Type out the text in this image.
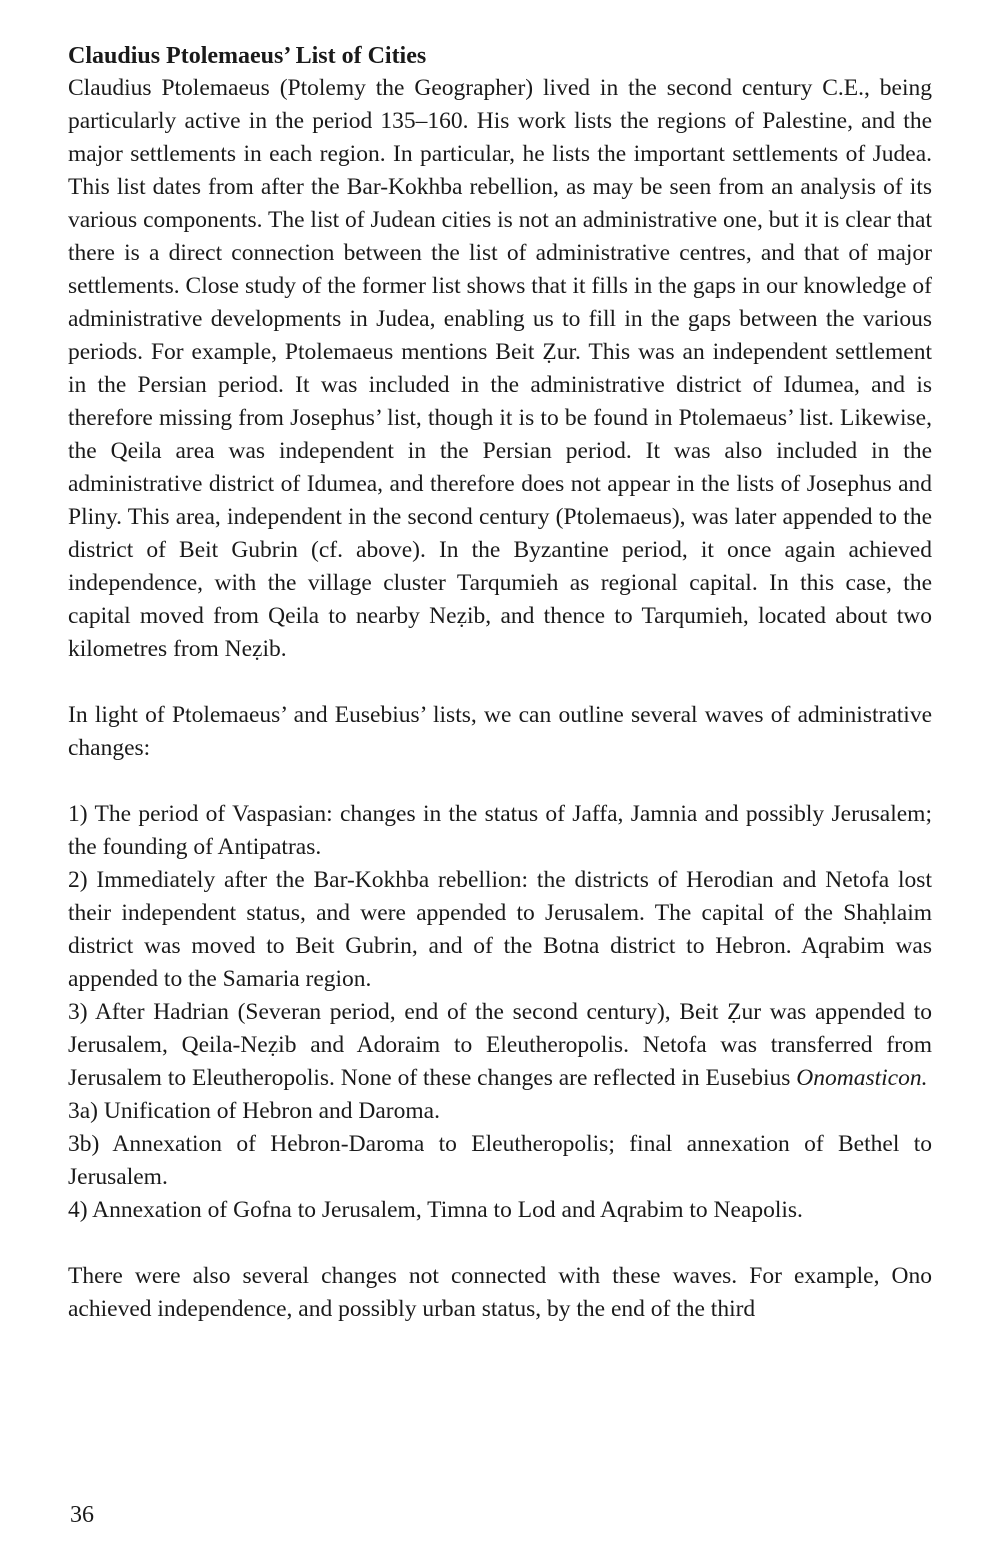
Claudius Ptolemaeus’ List of Cities

Claudius Ptolemaeus (Ptolemy the Geographer) lived in the second century C.E., being particularly active in the period 135–160. His work lists the regions of Palestine, and the major settlements in each region. In particular, he lists the important settlements of Judea. This list dates from after the Bar-Kokhba rebellion, as may be seen from an analysis of its various components. The list of Judean cities is not an administrative one, but it is clear that there is a direct connection between the list of administrative centres, and that of major settlements. Close study of the former list shows that it fills in the gaps in our knowledge of administrative developments in Judea, enabling us to fill in the gaps between the various periods. For example, Ptolemaeus mentions Beit Ẓur. This was an independent settlement in the Persian period. It was included in the administrative district of Idumea, and is therefore missing from Josephus’ list, though it is to be found in Ptolemaeus’ list. Likewise, the Qeila area was independent in the Persian period. It was also included in the administrative district of Idumea, and therefore does not appear in the lists of Josephus and Pliny. This area, independent in the second century (Ptolemaeus), was later appended to the district of Beit Gubrin (cf. above). In the Byzantine period, it once again achieved independence, with the village cluster Tarqumieh as regional capital. In this case, the capital moved from Qeila to nearby Neẓib, and thence to Tarqumieh, located about two kilometres from Neẓib.

In light of Ptolemaeus’ and Eusebius’ lists, we can outline several waves of administrative changes:

1) The period of Vaspasian: changes in the status of Jaffa, Jamnia and possibly Jerusalem; the founding of Antipatras.

2) Immediately after the Bar-Kokhba rebellion: the districts of Herodian and Netofa lost their independent status, and were appended to Jerusalem. The capital of the Shaḥlaim district was moved to Beit Gubrin, and of the Botna district to Hebron. Aqrabim was appended to the Samaria region.

3) After Hadrian (Severan period, end of the second century), Beit Ẓur was appended to Jerusalem, Qeila-Neẓib and Adoraim to Eleutheropolis. Netofa was transferred from Jerusalem to Eleutheropolis. None of these changes are reflected in Eusebius Onomasticon.

3a) Unification of Hebron and Daroma.

3b) Annexation of Hebron-Daroma to Eleutheropolis; final annexation of Bethel to Jerusalem.

4) Annexation of Gofna to Jerusalem, Timna to Lod and Aqrabim to Neapolis.

There were also several changes not connected with these waves. For example, Ono achieved independence, and possibly urban status, by the end of the third

36
